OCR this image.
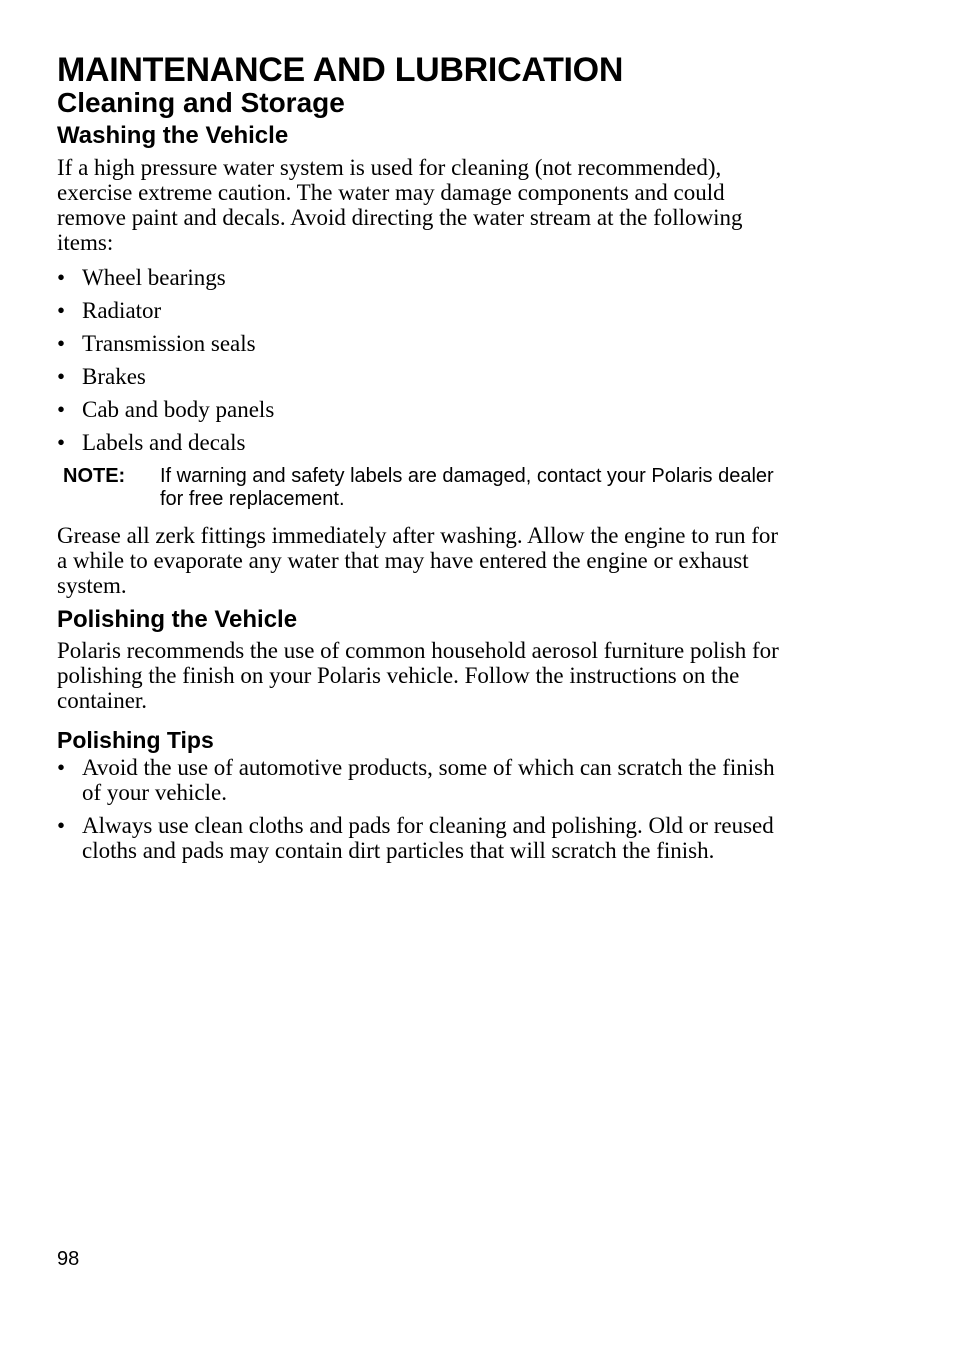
MAINTENANCE AND LUBRICATION
Cleaning and Storage
Washing the Vehicle

If a high pressure water system is used for cleaning (not recommended), exercise extreme caution. The water may damage components and could remove paint and decals. Avoid directing the water stream at the following items:

• Wheel bearings
• Radiator
• Transmission seals
• Brakes
• Cab and body panels
• Labels and decals
NOTE:	If warning and safety labels are damaged, contact your Polaris dealer for free replacement.

Grease all zerk fittings immediately after washing. Allow the engine to run for a while to evaporate any water that may have entered the engine or exhaust system.

Polishing the Vehicle

Polaris recommends the use of common household aerosol furniture polish for polishing the finish on your Polaris vehicle. Follow the instructions on the container.

Polishing Tips
• Avoid the use of automotive products, some of which can scratch the finish of your vehicle.
• Always use clean cloths and pads for cleaning and polishing. Old or reused cloths and pads may contain dirt particles that will scratch the finish.
98
